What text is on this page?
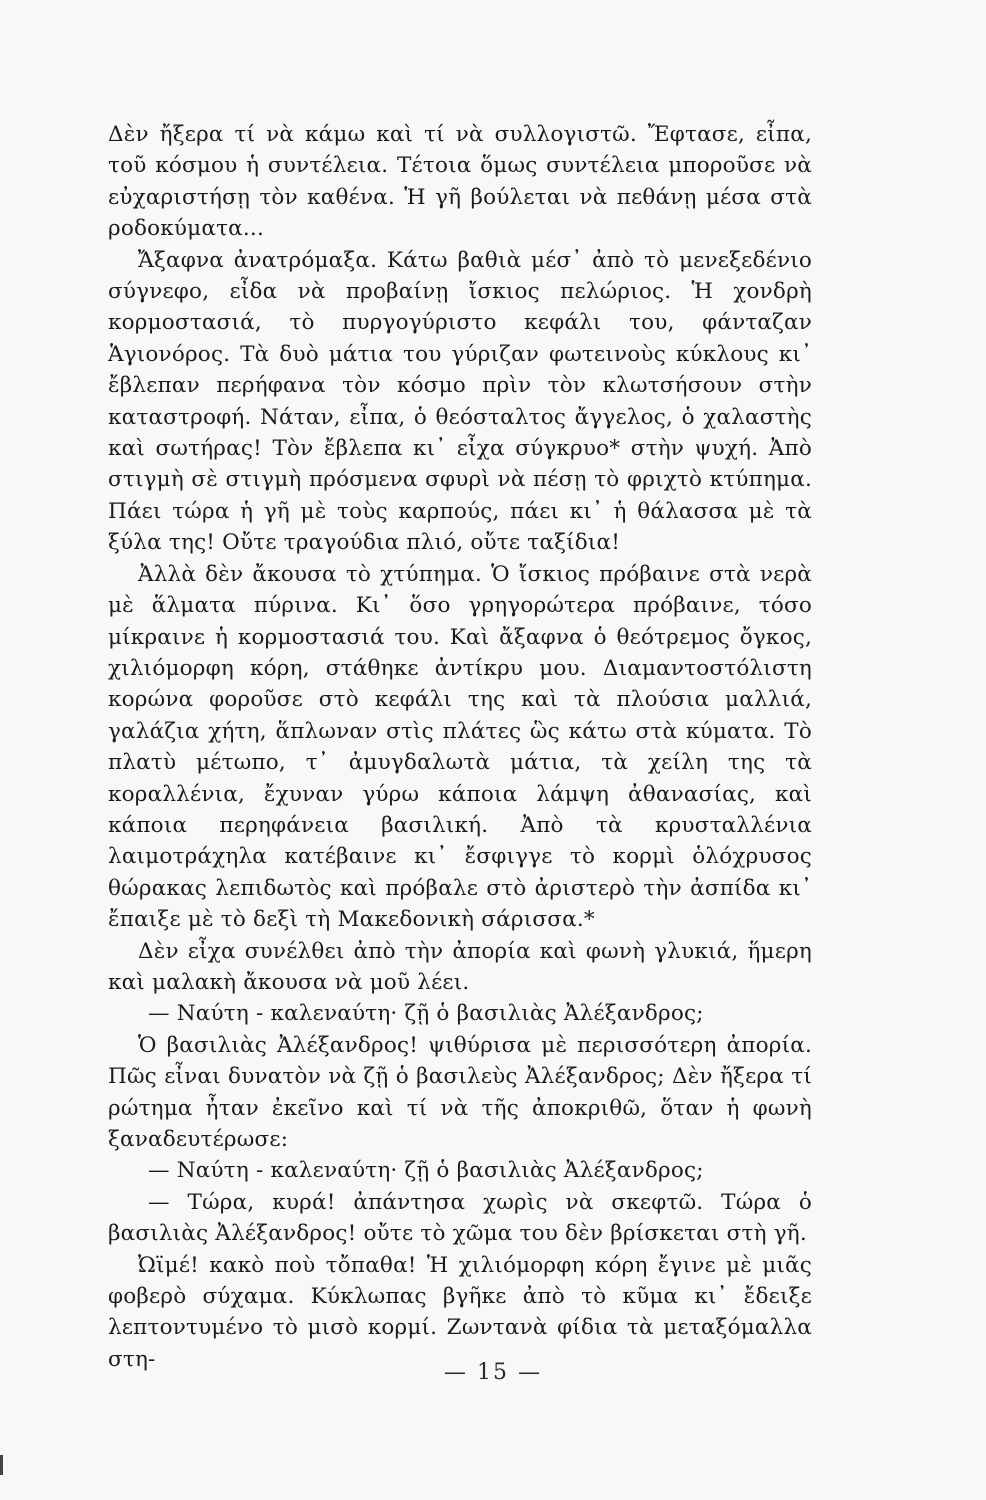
Δὲν ἤξερα τί νὰ κάμω καὶ τί νὰ συλλογιστῶ. Ἔφτασε, εἶπα, τοῦ κόσμου ἡ συντέλεια. Τέτοια ὅμως συντέλεια μποροῦσε νὰ εὐχαριστήσῃ τὸν καθένα. Ἡ γῆ βούλεται νὰ πεθάνῃ μέσα στὰ ροδοκύματα...

Ἄξαφνα ἀνατρόμαξα. Κάτω βαθιὰ μέσ᾽ ἀπὸ τὸ μενεξεδένιο σύγνεφο, εἶδα νὰ προβαίνῃ ἴσκιος πελώριος. Ἡ χονδρὴ κορμοστασιά, τὸ πυργογύριστο κεφάλι του, φάνταζαν Ἁγιονόρος. Τὰ δυὸ μάτια του γύριζαν φωτεινοὺς κύκλους κι᾽ ἔβλεπαν περήφανα τὸν κόσμο πρὶν τὸν κλωτσήσουν στὴν καταστροφή. Νάταν, εἶπα, ὁ θεόσταλτος ἄγγελος, ὁ χαλαστὴς καὶ σωτήρας! Τὸν ἔβλεπα κι᾽ εἶχα σύγκρυο* στὴν ψυχή. Ἀπὸ στιγμὴ σὲ στιγμὴ πρόσμενα σφυρὶ νὰ πέσῃ τὸ φριχτὸ κτύπημα. Πάει τώρα ἡ γῆ μὲ τοὺς καρπούς, πάει κι᾽ ἡ θάλασσα μὲ τὰ ξύλα της! Οὔτε τραγούδια πλιό, οὔτε ταξίδια!

Ἀλλὰ δὲν ἄκουσα τὸ χτύπημα. Ὁ ἴσκιος πρόβαινε στὰ νερὰ μὲ ἅλματα πύρινα. Κι᾽ ὅσο γρηγορώτερα πρόβαινε, τόσο μίκραινε ἡ κορμοστασιά του. Καὶ ἄξαφνα ὁ θεότρεμος ὄγκος, χιλιόμορφη κόρη, στάθηκε ἀντίκρυ μου. Διαμαντοστόλιστη κορώνα φοροῦσε στὸ κεφάλι της καὶ τὰ πλούσια μαλλιά, γαλάζια χήτη, ἅπλωναν στὶς πλάτες ὣς κάτω στὰ κύματα. Τὸ πλατὺ μέτωπο, τ᾽ ἀμυγδαλωτὰ μάτια, τὰ χείλη της τὰ κοραλλένια, ἔχυναν γύρω κάποια λάμψη ἀθανασίας, καὶ κάποια περηφάνεια βασιλική. Ἀπὸ τὰ κρυσταλλένια λαιμοτράχηλα κατέβαινε κι᾽ ἔσφιγγε τὸ κορμὶ ὁλόχρυσος θώρακας λεπιδωτὸς καὶ πρόβαλε στὸ ἀριστερὸ τὴν ἀσπίδα κι᾽ ἔπαιξε μὲ τὸ δεξὶ τὴ Μακεδονικὴ σάρισσα.*

Δὲν εἶχα συνέλθει ἀπὸ τὴν ἀπορία καὶ φωνὴ γλυκιά, ἥμερη καὶ μαλακὴ ἄκουσα νὰ μοῦ λέει.

— Ναύτη - καλεναύτη· ζῇ ὁ βασιλιὰς Ἀλέξανδρος;

Ὁ βασιλιὰς Ἀλέξανδρος! ψιθύρισα μὲ περισσότερη ἀπορία. Πῶς εἶναι δυνατὸν νὰ ζῇ ὁ βασιλεὺς Ἀλέξανδρος; Δὲν ἤξερα τί ρώτημα ἦταν ἐκεῖνο καὶ τί νὰ τῆς ἀποκριθῶ, ὅταν ἡ φωνὴ ξαναδευτέρωσε:

— Ναύτη - καλεναύτη· ζῇ ὁ βασιλιὰς Ἀλέξανδρος;

— Τώρα, κυρά! ἀπάντησα χωρὶς νὰ σκεφτῶ. Τώρα ὁ βασιλιὰς Ἀλέξανδρος! οὔτε τὸ χῶμα του δὲν βρίσκεται στὴ γῆ.

Ὠϊμέ! κακὸ ποὺ τὄπαθα! Ἡ χιλιόμορφη κόρη ἔγινε μὲ μιᾶς φοβερὸ σύχαμα. Κύκλωπας βγῆκε ἀπὸ τὸ κῦμα κι᾽ ἔδειξε λεπτοντυμένο τὸ μισὸ κορμί. Ζωντανὰ φίδια τὰ μεταξόμαλλα στη-

— 15 —
